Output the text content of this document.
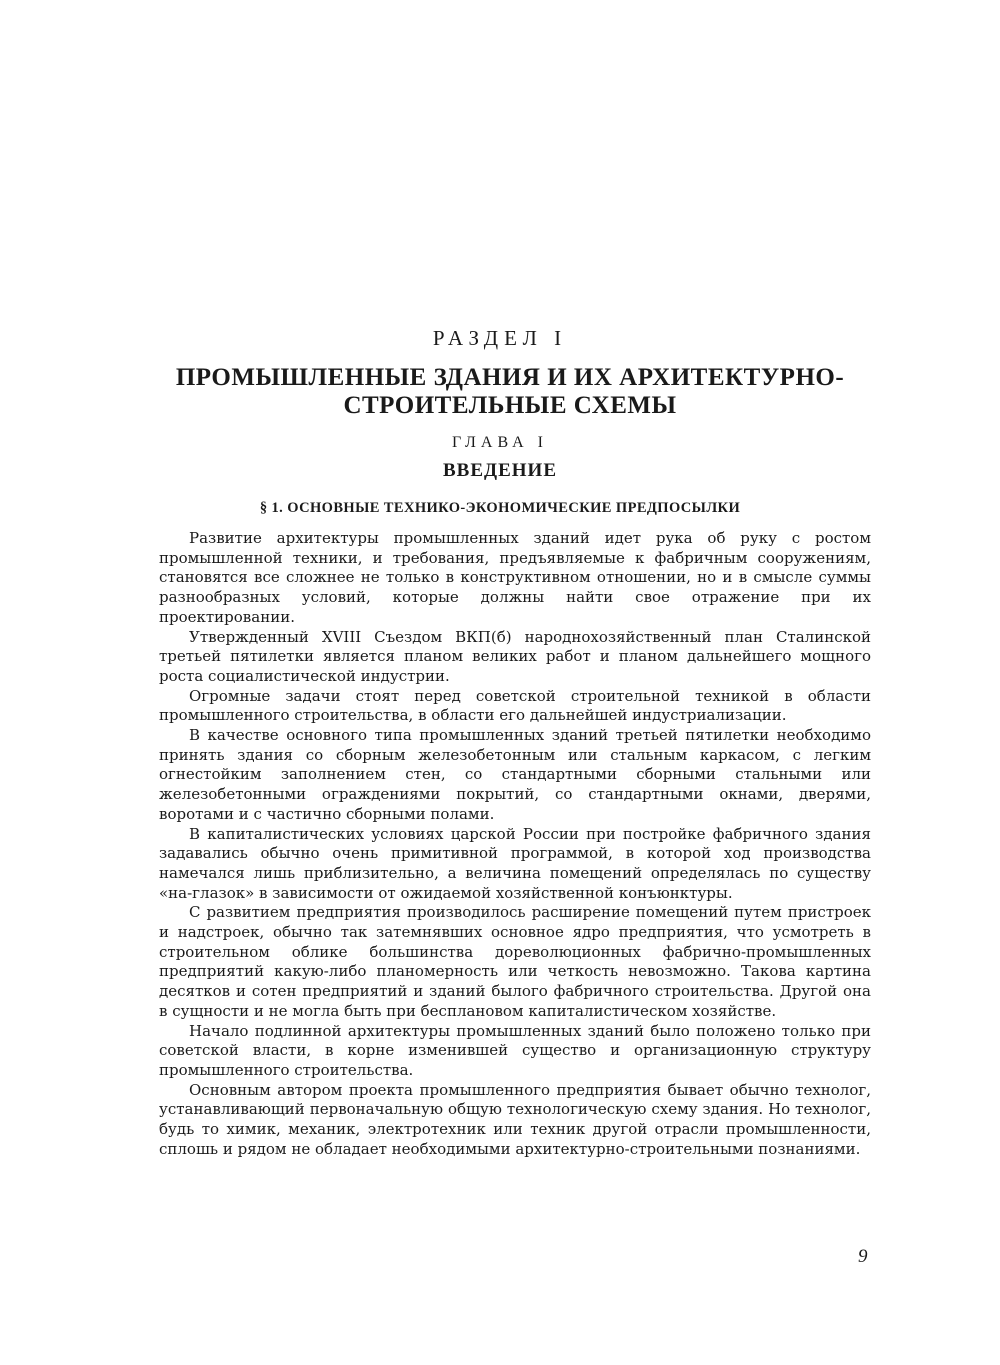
РАЗДЕЛ I
ПРОМЫШЛЕННЫЕ ЗДАНИЯ И ИХ АРХИТЕКТУРНО-СТРОИТЕЛЬНЫЕ СХЕМЫ
ГЛАВА I
ВВЕДЕНИЕ
§ 1. ОСНОВНЫЕ ТЕХНИКО-ЭКОНОМИЧЕСКИЕ ПРЕДПОСЫЛКИ

Развитие архитектуры промышленных зданий идет рука об руку с ростом промышленной техники, и требования, предъявляемые к фабричным сооружениям, становятся все сложнее не только в конструктивном отношении, но и в смысле суммы разнообразных условий, которые должны найти свое отражение при их проектировании.

Утвержденный XVIII Съездом ВКП(б) народнохозяйственный план Сталинской третьей пятилетки является планом великих работ и планом дальнейшего мощного роста социалистической индустрии.

Огромные задачи стоят перед советской строительной техникой в области промышленного строительства, в области его дальнейшей индустриализации.

В качестве основного типа промышленных зданий третьей пятилетки необходимо принять здания со сборным железобетонным или стальным каркасом, с легким огнестойким заполнением стен, со стандартными сборными стальными или железобетонными ограждениями покрытий, со стандартными окнами, дверями, воротами и с частично сборными полами.

В капиталистических условиях царской России при постройке фабричного здания задавались обычно очень примитивной программой, в которой ход производства намечался лишь приблизительно, а величина помещений определялась по существу «на-глазок» в зависимости от ожидаемой хозяйственной конъюнктуры.

С развитием предприятия производилось расширение помещений путем пристроек и надстроек, обычно так затемнявших основное ядро предприятия, что усмотреть в строительном облике большинства дореволюционных фабрично-промышленных предприятий какую-либо планомерность или четкость невозможно. Такова картина десятков и сотен предприятий и зданий былого фабричного строительства. Другой она в сущности и не могла быть при бесплановом капиталистическом хозяйстве.

Начало подлинной архитектуры промышленных зданий было положено только при советской власти, в корне изменившей существо и организационную структуру промышленного строительства.

Основным автором проекта промышленного предприятия бывает обычно технолог, устанавливающий первоначальную общую технологическую схему здания. Но технолог, будь то химик, механик, электротехник или техник другой отрасли промышленности, сплошь и рядом не обладает необходимыми архитектурно-строительными познаниями.

9
